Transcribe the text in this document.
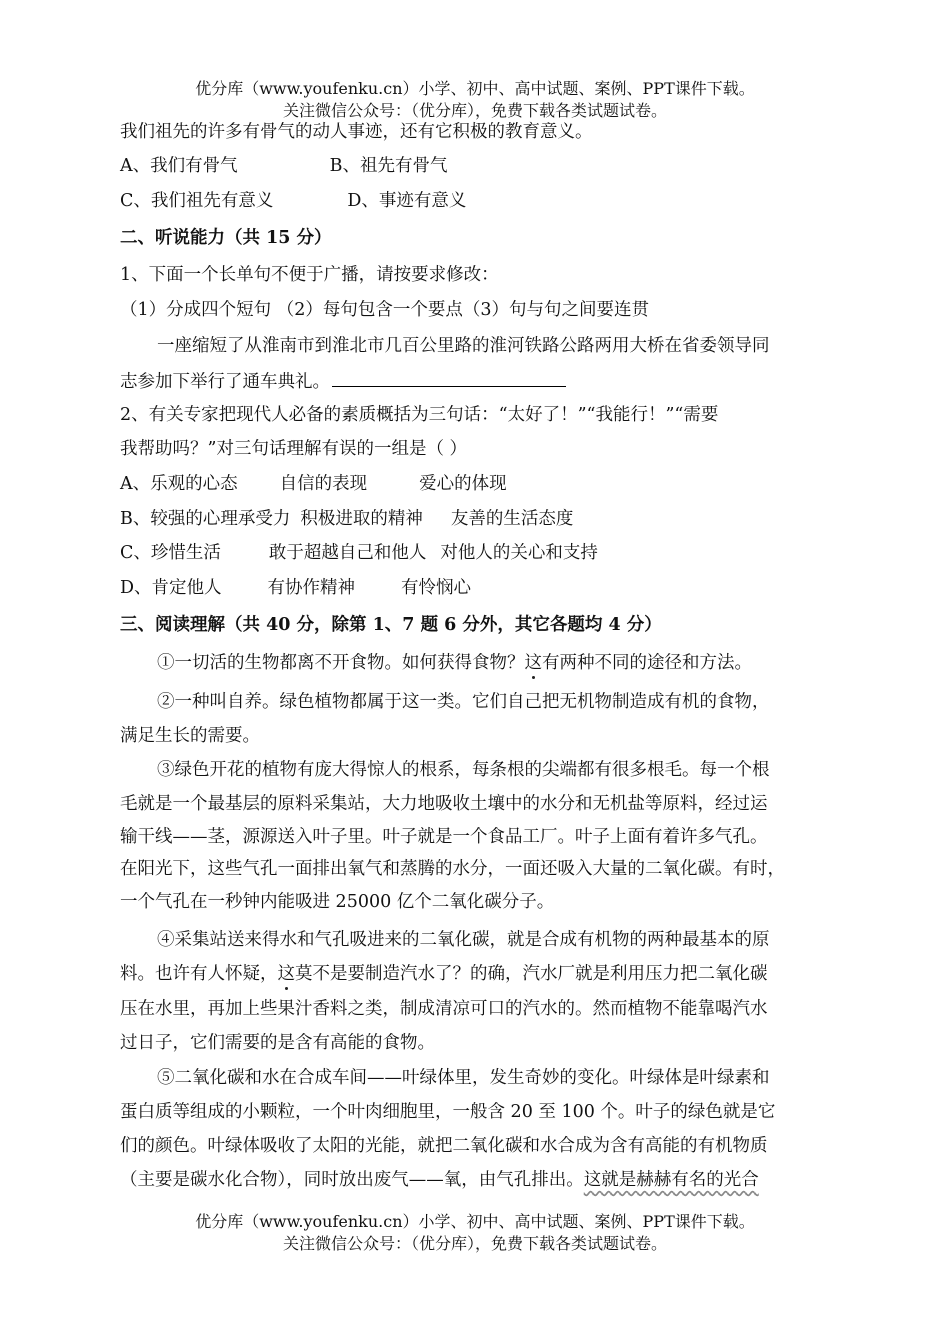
优分库（www.youfenku.cn）小学、初中、高中试题、案例、PPT课件下载。
关注微信公众号：（优分库），免费下载各类试题试卷。
我们祖先的许多有骨气的动人事迹，还有它积极的教育意义。
A、我们有骨气	B、祖先有骨气
C、我们祖先有意义	D、事迹有意义
二、听说能力（共 15 分）
1、下面一个长单句不便于广播，请按要求修改：
（1）分成四个短句 （2）每句包含一个要点（3）句与句之间要连贯
一座缩短了从淮南市到淮北市几百公里路的淮河铁路公路两用大桥在省委领导同
志参加下举行了通车典礼。
2、有关专家把现代人必备的素质概括为三句话：“太好了！”“我能行！”“需要
我帮助吗？”对三句话理解有误的一组是（ ）
A、乐观的心态 自信的表现	爱心的体现
B、较强的心理承受力 积极进取的精神 友善的生活态度
C、珍惜生活	敢于超越自己和他人 对他人的关心和支持
D、肯定他人	有协作精神	有怜悯心
三、阅读理解（共 40 分，除第 1、7 题 6 分外，其它各题均 4 分）
①一切活的生物都离不开食物。如何获得食物？这有两种不同的途径和方法。
②一种叫自养。绿色植物都属于这一类。它们自己把无机物制造成有机的食物，
满足生长的需要。
③绿色开花的植物有庞大得惊人的根系，每条根的尖端都有很多根毛。每一个根
毛就是一个最基层的原料采集站，大力地吸收土壤中的水分和无机盐等原料，经过运
输干线——茎，源源送入叶子里。叶子就是一个食品工厂。叶子上面有着许多气孔。
在阳光下，这些气孔一面排出氧气和蒸腾的水分，一面还吸入大量的二氧化碳。有时，
一个气孔在一秒钟内能吸进 25000 亿个二氧化碳分子。
④采集站送来得水和气孔吸进来的二氧化碳，就是合成有机物的两种最基本的原
料。也许有人怀疑，这莫不是要制造汽水了？的确，汽水厂就是利用压力把二氧化碳
压在水里，再加上些果汁香料之类，制成清凉可口的汽水的。然而植物不能靠喝汽水
过日子，它们需要的是含有高能的食物。
⑤二氧化碳和水在合成车间——叶绿体里，发生奇妙的变化。叶绿体是叶绿素和
蛋白质等组成的小颗粒，一个叶肉细胞里，一般含 20 至 100 个。叶子的绿色就是它
们的颜色。叶绿体吸收了太阳的光能，就把二氧化碳和水合成为含有高能的有机物质
（主要是碳水化合物），同时放出废气——氧，由气孔排出。这就是赫赫有名的光合
优分库（www.youfenku.cn）小学、初中、高中试题、案例、PPT课件下载。
关注微信公众号：（优分库），免费下载各类试题试卷。
